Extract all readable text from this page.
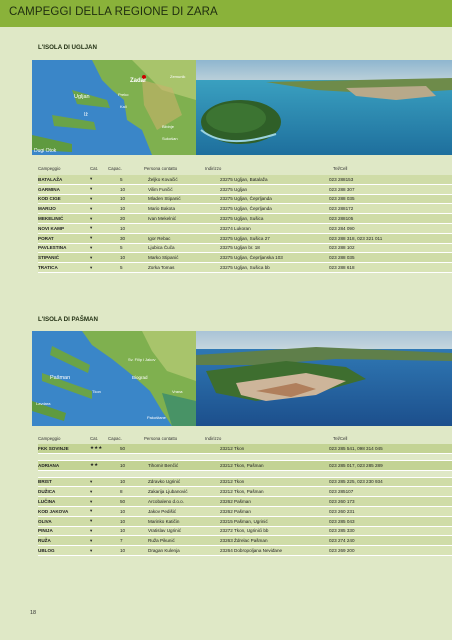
CAMPEGGI DELLA REGIONE DI ZARA
L'ISOLA DI UGLJAN
Zadar
Ugljan
Iž
Sukošan
Bibinje
Preko
Kali
Dugi Otok
Zemunik
Campeggio	Cat. Capac.	Persona contatto	Indirizzo	Tel/Cell
BATALAŽA	▾	5	Željko Kovačić	23275 Ugljan, Batalaža	023 288153
GARMINA	▾	10	Vilim Funčić	23275 Ugljan	023 288 307
KOD CIGE	▾	10	Mladen Stipanić	23275 Ugljan, Čeprljanda	023 288 035
MARIJO	▾	10	Mario Bakota	23275 Ugljan, Čeprljanda	023 288172
MEKELINIĆ	▾	20	Ivan Mekelnić	23275 Ugljan, Sušica	023 288105
NOVI KAMP	▾	10		23274 Lukoran	023 284 090
PORAT	▾	30	Igor Rebac	23275 Ugljan, Sušica 27	023 288 318, 023 321 011
PAVLESTINA	▾	5	Ljubica Čuča	23275 Ugljan br. 18	023 288 102
STIPANIĆ	▾	10	Marko Stipanić	23275 Ugljan, Čeprljanska 103	023 288 035
TRATICA	▾	5	Zorka Tomas	23275 Ugljan, Sušica bb	023 288 618
L'ISOLA DI PAŠMAN
Pašman
Tkon
Sv. Filip i Jakov
Biograd
Pakoštane
Lavdara
Vrana
Campeggio	Cat. Capac.	Persona contatto	Indirizzo	Tel/Cell
FKK SOVINJE	★★★	50		23212 Tkon	023 285 541, 098 314 045

ADRIANA	★★	10	Tihomir Benčić	23212 Tkon, Pašman	023 285 017, 023 285 289

BRIST	▾	10	Zdravko Ugrinić	23212 Tkon	023 285 225, 023 230 934
DUŽICA	▾	8	Zakarija Ljubanović	23212 Tkon, Pašman	023 285107
LUČINA	▾	50	Arcobaleno d.o.o.	23262 Pašman	023 260 173
KOD JAKOVA	▾	10	Jakov Pedišić	23262 Pašman	023 260 231
OLIVA	▾	10	Marinko Katičin	23215 Pašman, Ugrinić	023 285 043
PINIJA	▾	10	Vratislav Ugrinić	23272 Tkon, Ugrinići bb	023 285 330
RUŽA	▾	7	Ruža Pikunić	23263 Ždrelac Pašman	023 274 240
UBLOG	▾	10	Dragan Kulenja	23264 Dobropoljana Neviđane	023 269 200
18
